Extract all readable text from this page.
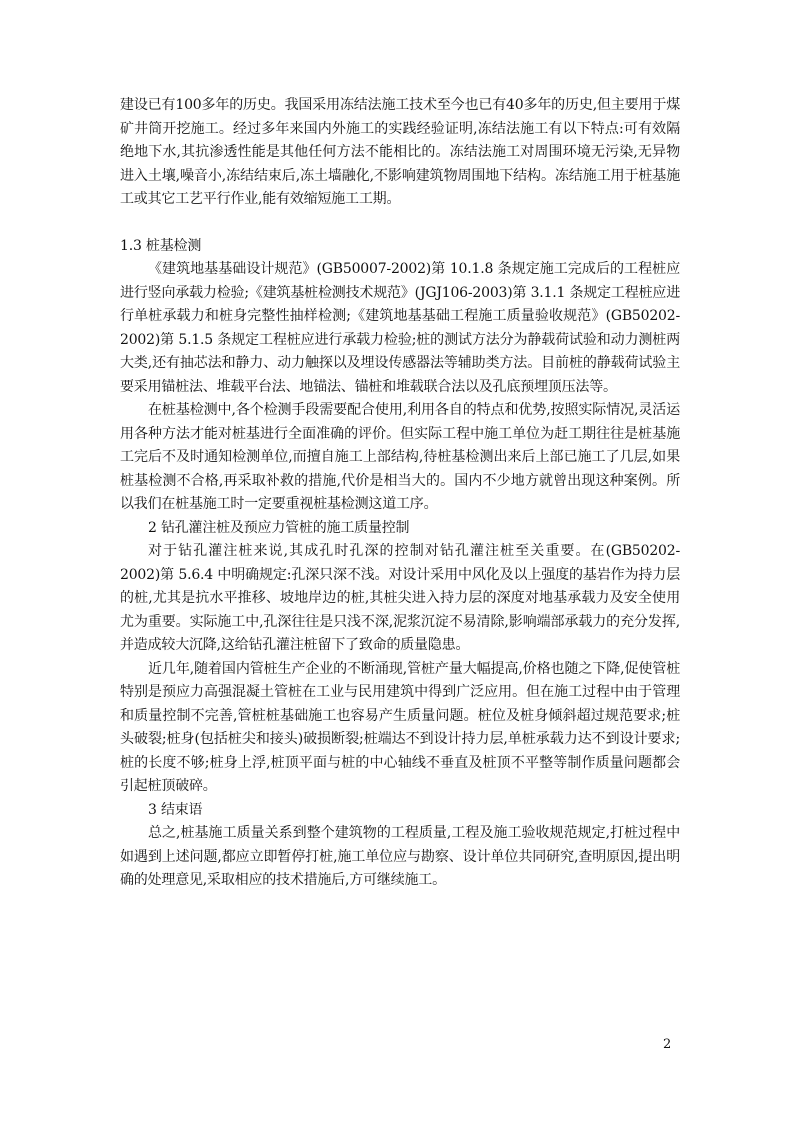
建设已有100多年的历史。我国采用冻结法施工技术至今也已有40多年的历史,但主要用于煤矿井筒开挖施工。经过多年来国内外施工的实践经验证明,冻结法施工有以下特点:可有效隔绝地下水,其抗渗透性能是其他任何方法不能相比的。冻结法施工对周围环境无污染,无异物进入土壤,噪音小,冻结结束后,冻土墙融化,不影响建筑物周围地下结构。冻结施工用于桩基施工或其它工艺平行作业,能有效缩短施工工期。

1.3 桩基检测

《建筑地基基础设计规范》(GB50007-2002)第 10.1.8 条规定施工完成后的工程桩应进行竖向承载力检验;《建筑基桩检测技术规范》(JGJ106-2003)第 3.1.1 条规定工程桩应进行单桩承载力和桩身完整性抽样检测;《建筑地基基础工程施工质量验收规范》(GB50202-2002)第 5.1.5 条规定工程桩应进行承载力检验;桩的测试方法分为静载荷试验和动力测桩两大类,还有抽芯法和静力、动力触探以及埋设传感器法等辅助类方法。目前桩的静载荷试验主要采用锚桩法、堆载平台法、地锚法、锚桩和堆载联合法以及孔底预埋顶压法等。

在桩基检测中,各个检测手段需要配合使用,利用各自的特点和优势,按照实际情况,灵活运用各种方法才能对桩基进行全面准确的评价。但实际工程中施工单位为赶工期往往是桩基施工完后不及时通知检测单位,而擅自施工上部结构,待桩基检测出来后上部已施工了几层,如果桩基检测不合格,再采取补救的措施,代价是相当大的。国内不少地方就曾出现这种案例。所以我们在桩基施工时一定要重视桩基检测这道工序。

2 钻孔灌注桩及预应力管桩的施工质量控制

对于钻孔灌注桩来说,其成孔时孔深的控制对钻孔灌注桩至关重要。在(GB50202-2002)第 5.6.4 中明确规定:孔深只深不浅。对设计采用中风化及以上强度的基岩作为持力层的桩,尤其是抗水平推移、坡地岸边的桩,其桩尖进入持力层的深度对地基承载力及安全使用尤为重要。实际施工中,孔深往往是只浅不深,泥浆沉淀不易清除,影响端部承载力的充分发挥,并造成较大沉降,这给钻孔灌注桩留下了致命的质量隐患。

近几年,随着国内管桩生产企业的不断涌现,管桩产量大幅提高,价格也随之下降,促使管桩特别是预应力高强混凝土管桩在工业与民用建筑中得到广泛应用。但在施工过程中由于管理和质量控制不完善,管桩桩基础施工也容易产生质量问题。桩位及桩身倾斜超过规范要求;桩头破裂;桩身(包括桩尖和接头)破损断裂;桩端达不到设计持力层,单桩承载力达不到设计要求;桩的长度不够;桩身上浮,桩顶平面与桩的中心轴线不垂直及桩顶不平整等制作质量问题都会引起桩顶破碎。

3 结束语

总之,桩基施工质量关系到整个建筑物的工程质量,工程及施工验收规范规定,打桩过程中如遇到上述问题,都应立即暂停打桩,施工单位应与勘察、设计单位共同研究,查明原因,提出明确的处理意见,采取相应的技术措施后,方可继续施工。

2
